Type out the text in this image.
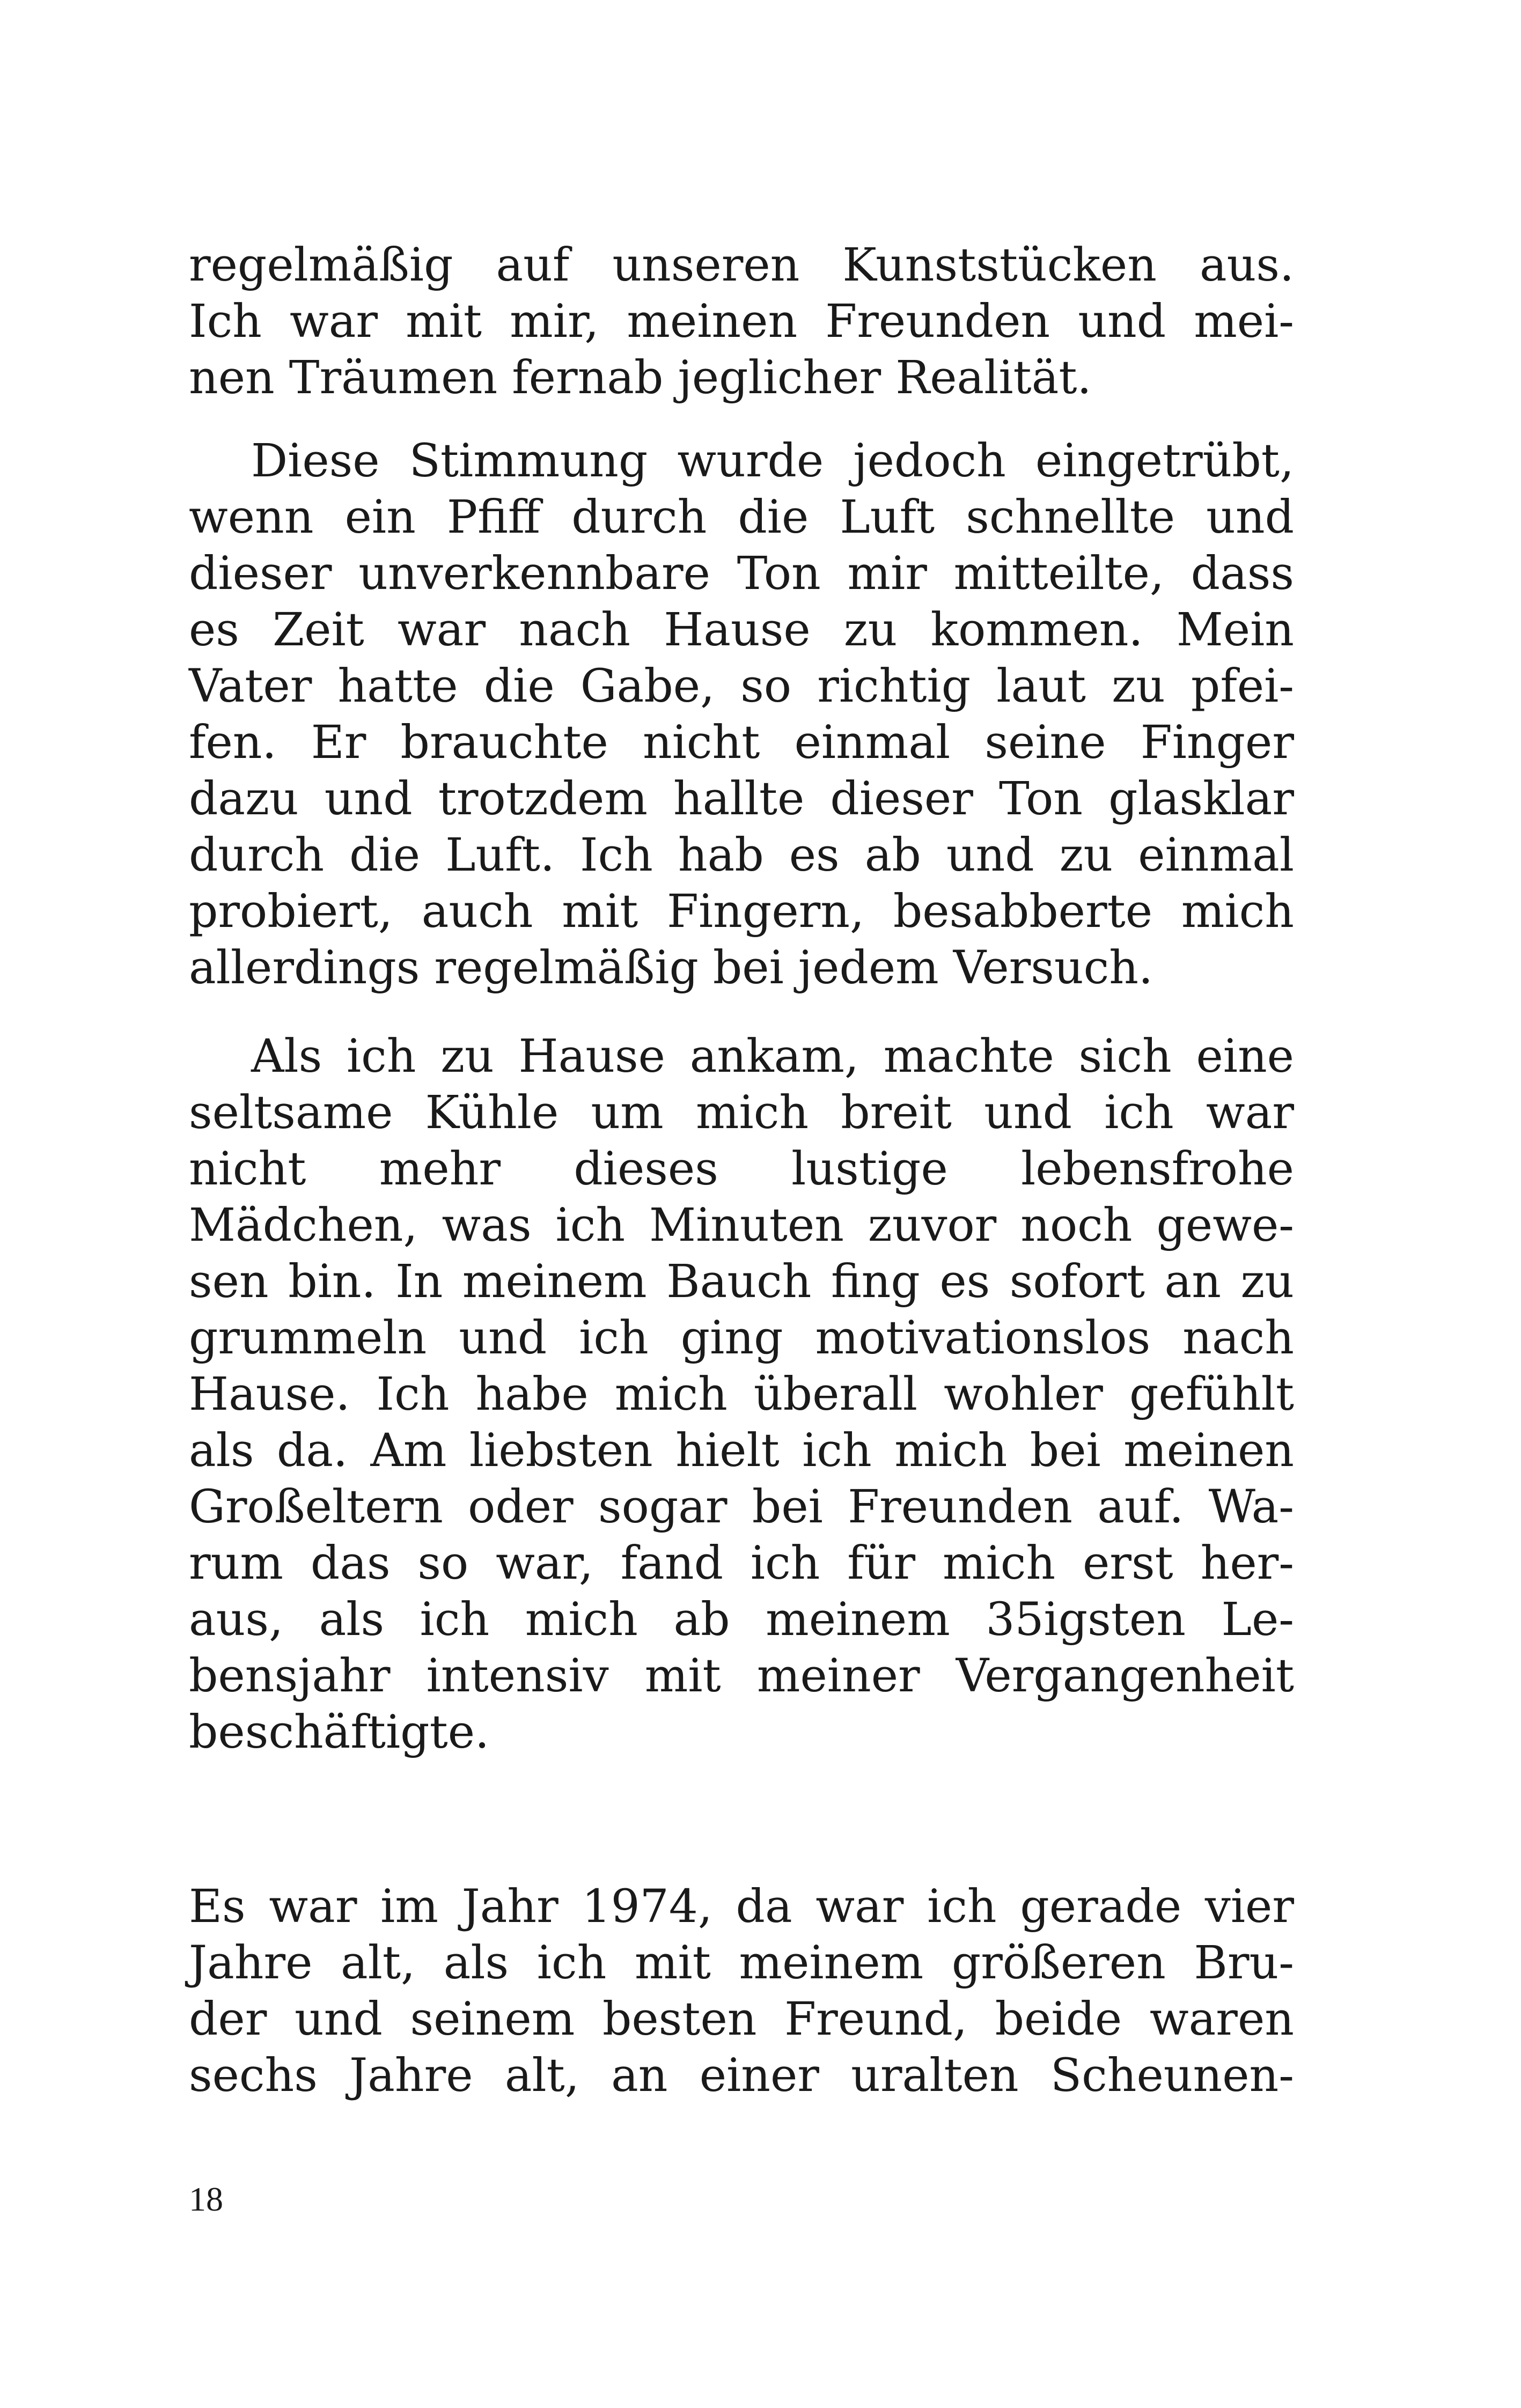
regelmäßig auf unseren Kunststücken aus.
Ich war mit mir, meinen Freunden und mei-
nen Träumen fernab jeglicher Realität.
Diese Stimmung wurde jedoch eingetrübt,
wenn ein Pfiff durch die Luft schnellte und
dieser unverkennbare Ton mir mitteilte, dass
es Zeit war nach Hause zu kommen. Mein
Vater hatte die Gabe, so richtig laut zu pfei-
fen. Er brauchte nicht einmal seine Finger
dazu und trotzdem hallte dieser Ton glasklar
durch die Luft. Ich hab es ab und zu einmal
probiert, auch mit Fingern, besabberte mich
allerdings regelmäßig bei jedem Versuch.
Als ich zu Hause ankam, machte sich eine
seltsame Kühle um mich breit und ich war
nicht mehr dieses lustige lebensfrohe
Mädchen, was ich Minuten zuvor noch gewe-
sen bin. In meinem Bauch fing es sofort an zu
grummeln und ich ging motivationslos nach
Hause. Ich habe mich überall wohler gefühlt
als da. Am liebsten hielt ich mich bei meinen
Großeltern oder sogar bei Freunden auf. Wa-
rum das so war, fand ich für mich erst her-
aus, als ich mich ab meinem 35igsten Le-
bensjahr intensiv mit meiner Vergangenheit
beschäftigte.
Es war im Jahr 1974, da war ich gerade vier
Jahre alt, als ich mit meinem größeren Bru-
der und seinem besten Freund, beide waren
sechs Jahre alt, an einer uralten Scheunen-
18
